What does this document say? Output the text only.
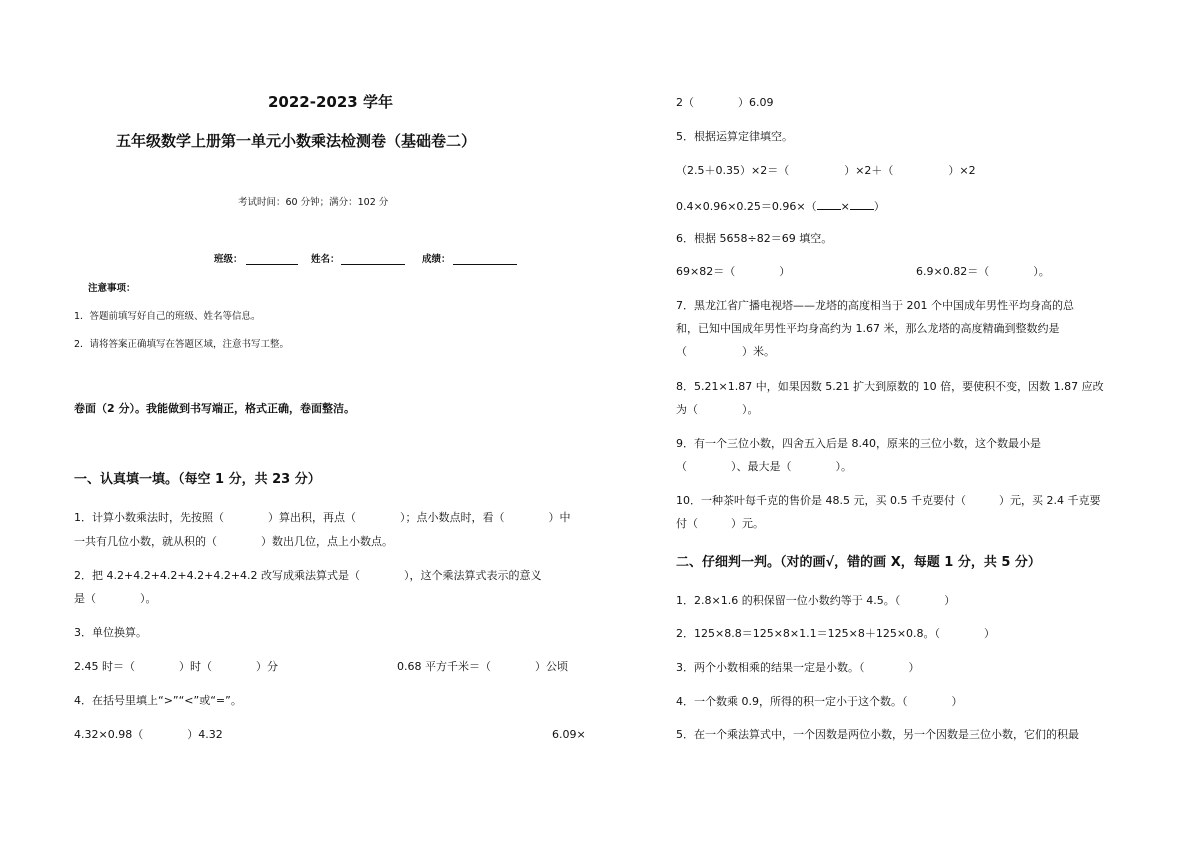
2022-2023 学年
五年级数学上册第一单元小数乘法检测卷（基础卷二）
考试时间：60 分钟；满分：102 分
班级：	姓名：	成绩：
注意事项：
1．答题前填写好自己的班级、姓名等信息。
2．请将答案正确填写在答题区域，注意书写工整。
卷面（2 分）。我能做到书写端正，格式正确，卷面整洁。
一、认真填一填。（每空 1 分，共 23 分）
1．计算小数乘法时，先按照（　　　　）算出积，再点（　　　　）；点小数点时，看（　　　　）中
一共有几位小数，就从积的（　　　　）数出几位，点上小数点。
2．把 4.2+4.2+4.2+4.2+4.2+4.2 改写成乘法算式是（　　　　），这个乘法算式表示的意义
是（　　　　）。
3．单位换算。
2.45 时＝（　　　　）时（　　　　）分	0.68 平方千米＝（　　　　）公顷
4．在括号里填上“>”“<”或“=”。
4.32×0.98（　　　　）4.32	6.09×
2（　　　　）6.09
5．根据运算定律填空。
（2.5＋0.35）×2＝（　　　　　）×2＋（　　　　　）×2
0.4×0.96×0.25＝0.96×（ × ）
6．根据 5658÷82＝69 填空。
69×82＝（　　　　）	6.9×0.82＝（　　　　）。
7．黑龙江省广播电视塔——龙塔的高度相当于 201 个中国成年男性平均身高的总
和，已知中国成年男性平均身高约为 1.67 米，那么龙塔的高度精确到整数约是
（　　　　　）米。
8．5.21×1.87 中，如果因数 5.21 扩大到原数的 10 倍，要使积不变，因数 1.87 应改
为（　　　　）。
9．有一个三位小数，四舍五入后是 8.40，原来的三位小数，这个数最小是
（　　　　）、最大是（　　　　）。
10．一种茶叶每千克的售价是 48.5 元，买 0.5 千克要付（　　　）元，买 2.4 千克要
付（　　　）元。
二、仔细判一判。（对的画√，错的画 X，每题 1 分，共 5 分）
1．2.8×1.6 的积保留一位小数约等于 4.5。（　　　　）
2．125×8.8＝125×8×1.1＝125×8＋125×0.8。（　　　　）
3．两个小数相乘的结果一定是小数。（　　　　）
4．一个数乘 0.9，所得的积一定小于这个数。（　　　　）
5．在一个乘法算式中，一个因数是两位小数，另一个因数是三位小数，它们的积最
